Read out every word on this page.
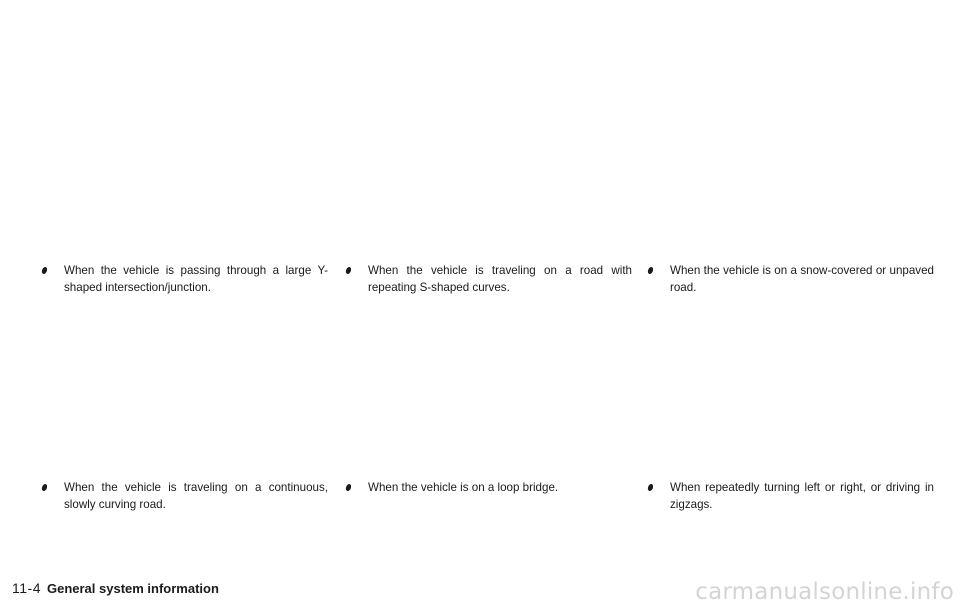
When the vehicle is passing through a large Y-shaped intersection/junction.
When the vehicle is traveling on a continuous, slowly curving road.
When the vehicle is traveling on a road with repeating S-shaped curves.
When the vehicle is on a loop bridge.
When the vehicle is on a snow-covered or unpaved road.
When repeatedly turning left or right, or driving in zigzags.
11-4 General system information	carmanualsonline.info
